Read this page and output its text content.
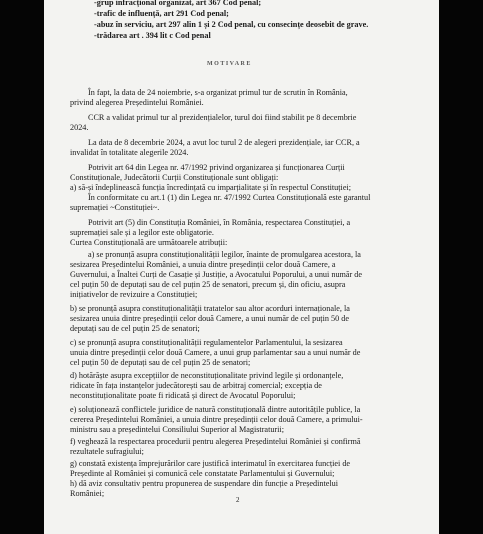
-grup infracțional organizat, art 367 Cod penal;
-trafic de influență, art 291 Cod penal;
-abuz în serviciu, art 297 alin 1 și 2 Cod penal, cu consecințe deosebit de grave.
-trădarea art . 394 lit c Cod penal
MOTIVARE
În fapt, la data de 24 noiembrie, s-a organizat primul tur de scrutin în România,
privind alegerea Președintelui României.
CCR a validat primul tur al prezidențialelor, turul doi fiind stabilit pe 8 decembrie
2024.
La data de 8 decembrie 2024, a avut loc turul 2 de alegeri prezidențiale, iar CCR, a
invalidat în totalitate alegerile 2024.
Potrivit art 64 din Legea nr. 47/1992 privind organizarea și funcționarea Curții
Constituționale, Judecătorii Curții Constituționale sunt obligați:
a) să-și îndeplinească funcția încredințată cu imparțialitate și în respectul Constituției;
În conformitate cu art.1 (1) din Legea nr. 47/1992 Curtea Constituțională este garantul
supremației ~Constituției~.
Potrivit art (5) din Constituția României, în România, respectarea Constituției, a
supremației sale și a legilor este obligatorie.
Curtea Constituțională are următoarele atribuții:
a) se pronunță asupra constituționalității legilor, înainte de promulgarea acestora, la
sesizarea Președintelui României, a unuia dintre președinții celor două Camere, a
Guvernului, a Înaltei Curți de Casație și Justiție, a Avocatului Poporului, a unui număr de
cel puțin 50 de deputați sau de cel puțin 25 de senatori, precum și, din oficiu, asupra
inițiativelor de revizuire a Constituției;
b) se pronunță asupra constituționalității tratatelor sau altor acorduri internaționale, la
sesizarea unuia dintre președinții celor două Camere, a unui număr de cel puțin 50 de
deputați sau de cel puțin 25 de senatori;
c) se pronunță asupra constituționalității regulamentelor Parlamentului, la sesizarea
unuia dintre președinții celor două Camere, a unui grup parlamentar sau a unui număr de
cel puțin 50 de deputați sau de cel puțin 25 de senatori;
d) hotărăște asupra excepțiilor de neconstituționalitate privind legile și ordonanțele,
ridicate în fața instanțelor judecătorești sau de arbitraj comercial; excepția de
neconstituționalitate poate fi ridicată și direct de Avocatul Poporului;
e) soluționează conflictele juridice de natură constituțională dintre autoritățile publice, la
cererea Președintelui României, a unuia dintre președinții celor două Camere, a primului-
ministru sau a președintelui Consiliului Superior al Magistraturii;
f) veghează la respectarea procedurii pentru alegerea Președintelui României și confirmă
rezultatele sufragiului;
g) constată existența împrejurărilor care justifică interimatul în exercitarea funcției de
Președinte al României și comunică cele constatate Parlamentului și Guvernului;
h) dă aviz consultativ pentru propunerea de suspendare din funcție a Președintelui
României;
2
